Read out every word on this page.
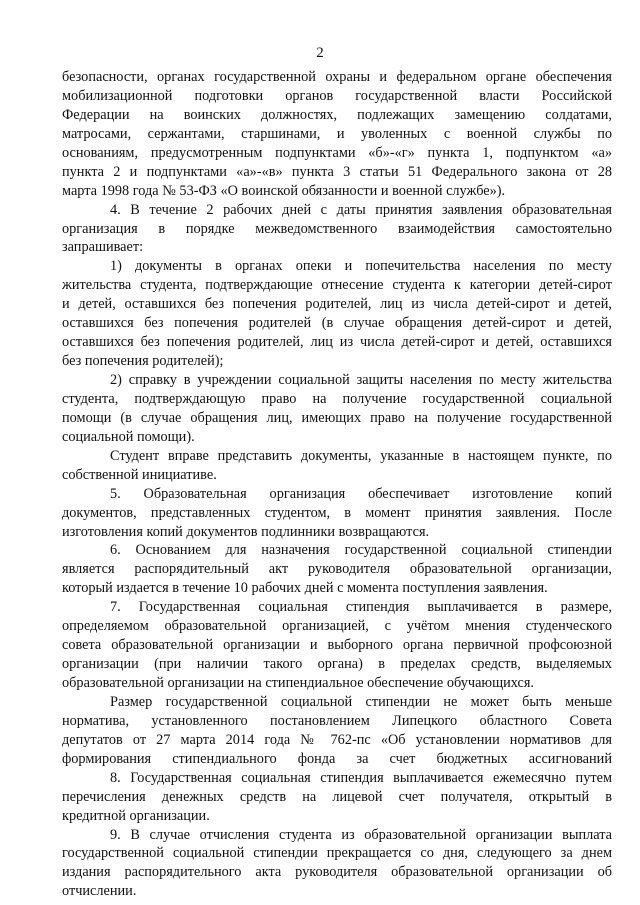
2
безопасности, органах государственной охраны и федеральном органе обеспечения
мобилизационной подготовки органов государственной власти Российской
Федерации на воинских должностях, подлежащих замещению солдатами,
матросами, сержантами, старшинами, и уволенных с военной службы по
основаниям, предусмотренным подпунктами «б»-«г» пункта 1, подпунктом «а»
пункта 2 и подпунктами «а»-«в» пункта 3 статьи 51 Федерального закона от 28
марта 1998 года № 53-ФЗ «О воинской обязанности и военной службе»).
4. В течение 2 рабочих дней с даты принятия заявления образовательная
организация в порядке межведомственного взаимодействия самостоятельно
запрашивает:
1) документы в органах опеки и попечительства населения по месту
жительства студента, подтверждающие отнесение студента к категории детей-сирот
и детей, оставшихся без попечения родителей, лиц из числа детей-сирот и детей,
оставшихся без попечения родителей (в случае обращения детей-сирот и детей,
оставшихся без попечения родителей, лиц из числа детей-сирот и детей, оставшихся
без попечения родителей);
2) справку в учреждении социальной защиты населения по месту жительства
студента, подтверждающую право на получение государственной социальной
помощи (в случае обращения лиц, имеющих право на получение государственной
социальной помощи).
Студент вправе представить документы, указанные в настоящем пункте, по
собственной инициативе.
5. Образовательная организация обеспечивает изготовление копий
документов, представленных студентом, в момент принятия заявления. После
изготовления копий документов подлинники возвращаются.
6. Основанием для назначения государственной социальной стипендии
является распорядительный акт руководителя образовательной организации,
который издается в течение 10 рабочих дней с момента поступления заявления.
7. Государственная социальная стипендия выплачивается в размере,
определяемом образовательной организацией, с учётом мнения студенческого
совета образовательной организации и выборного органа первичной профсоюзной
организации (при наличии такого органа) в пределах средств, выделяемых
образовательной организации на стипендиальное обеспечение обучающихся.
Размер государственной социальной стипендии не может быть меньше
норматива, установленного постановлением Липецкого областного Совета
депутатов от 27 марта 2014 года № 762-пс «Об установлении нормативов для
формирования стипендиального фонда за счет бюджетных ассигнований
8. Государственная социальная стипендия выплачивается ежемесячно путем
перечисления денежных средств на лицевой счет получателя, открытый в
кредитной организации.
9. В случае отчисления студента из образовательной организации выплата
государственной социальной стипендии прекращается со дня, следующего за днем
издания распорядительного акта руководителя образовательной организации об
отчислении.
